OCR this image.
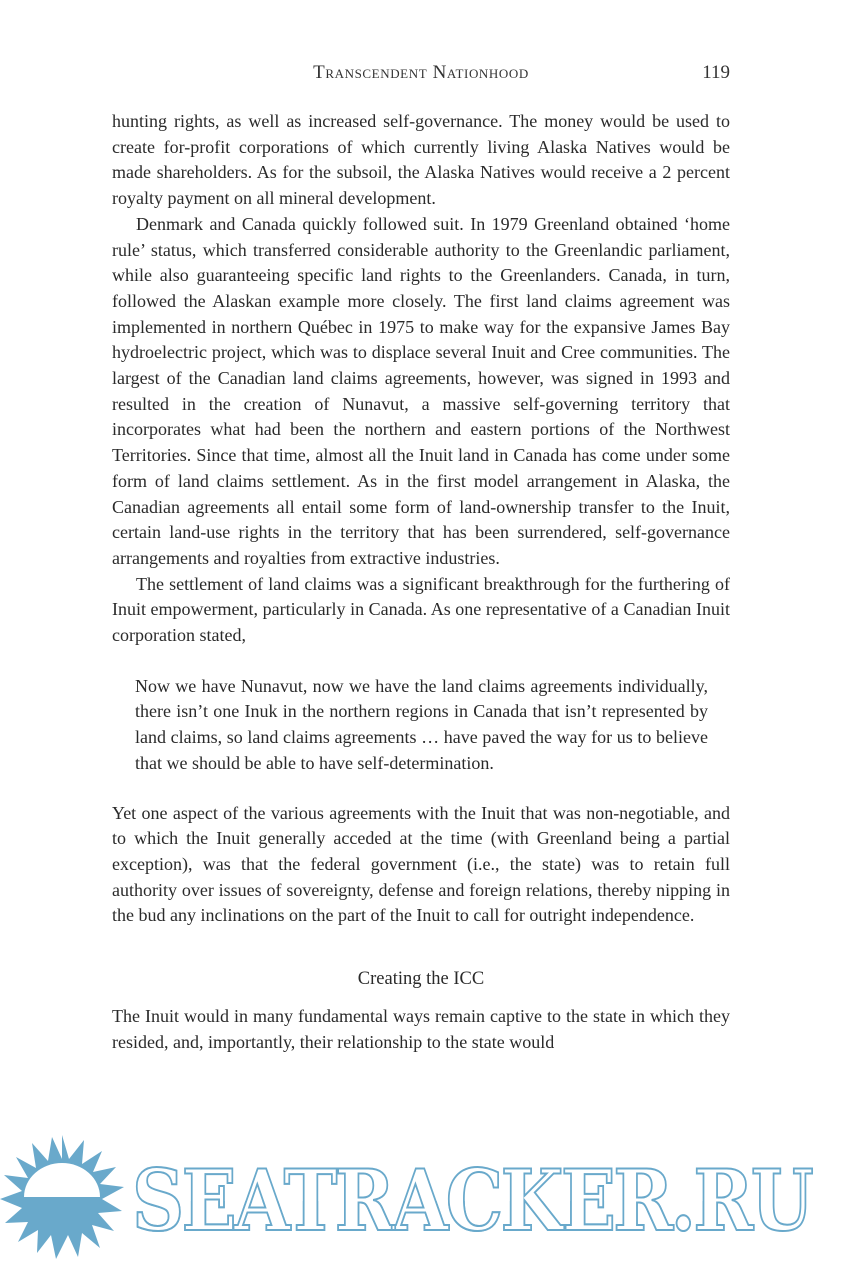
Transcendent Nationhood	119

hunting rights, as well as increased self-governance. The money would be used to create for-profit corporations of which currently living Alaska Natives would be made shareholders. As for the subsoil, the Alaska Natives would receive a 2 percent royalty payment on all mineral development.

Denmark and Canada quickly followed suit. In 1979 Greenland obtained ‘home rule’ status, which transferred considerable authority to the Greenlandic parliament, while also guaranteeing specific land rights to the Greenlanders. Canada, in turn, followed the Alaskan example more closely. The first land claims agreement was implemented in northern Québec in 1975 to make way for the expansive James Bay hydroelectric project, which was to displace several Inuit and Cree communities. The largest of the Canadian land claims agreements, however, was signed in 1993 and resulted in the creation of Nunavut, a massive self-governing territory that incorporates what had been the northern and eastern portions of the Northwest Territories. Since that time, almost all the Inuit land in Canada has come under some form of land claims settlement. As in the first model arrangement in Alaska, the Canadian agreements all entail some form of land-ownership transfer to the Inuit, certain land-use rights in the territory that has been surrendered, self-governance arrangements and royalties from extractive industries.

The settlement of land claims was a significant breakthrough for the furthering of Inuit empowerment, particularly in Canada. As one representative of a Canadian Inuit corporation stated,

Now we have Nunavut, now we have the land claims agreements individually, there isn’t one Inuk in the northern regions in Canada that isn’t represented by land claims, so land claims agreements … have paved the way for us to believe that we should be able to have self-determination.

Yet one aspect of the various agreements with the Inuit that was non-negotiable, and to which the Inuit generally acceded at the time (with Greenland being a partial exception), was that the federal government (i.e., the state) was to retain full authority over issues of sovereignty, defense and foreign relations, thereby nipping in the bud any inclinations on the part of the Inuit to call for outright independence.

Creating the ICC

The Inuit would in many fundamental ways remain captive to the state in which they resided, and, importantly, their relationship to the state would

SEATRACKER.RU
